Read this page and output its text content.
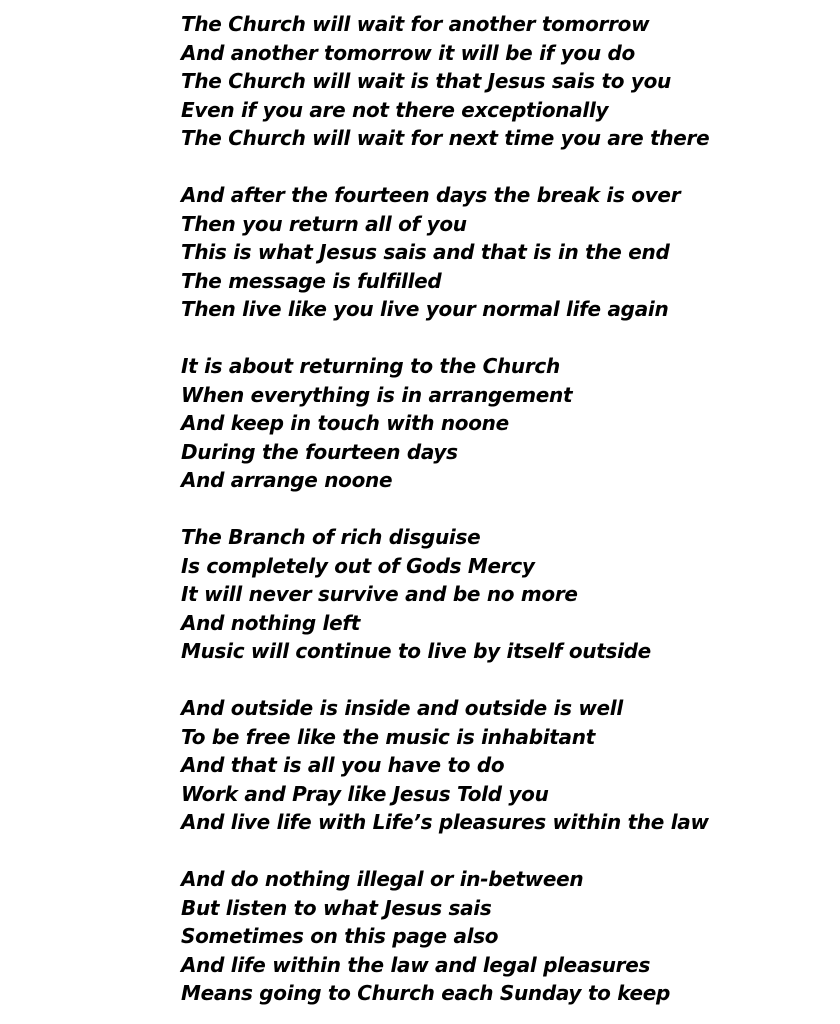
The Church will wait for another tomorrow
And another tomorrow it will be if you do
The Church will wait is that Jesus sais to you
Even if you are not there exceptionally
The Church will wait for next time you are there
And after the fourteen days the break is over
Then you return all of you
This is what Jesus sais and that is in the end
The message is fulfilled
Then live like you live your normal life again
It is about returning to the Church
When everything is in arrangement
And keep in touch with noone
During the fourteen days
And arrange noone
The Branch of rich disguise
Is completely out of Gods Mercy
It will never survive and be no more
And nothing left
Music will continue to live by itself outside
And outside is inside and outside is well
To be free like the music is inhabitant
And that is all you have to do
Work and Pray like Jesus Told you
And live life with Life’s pleasures within the law
And do nothing illegal or in-between
But listen to what Jesus sais
Sometimes on this page also
And life within the law and legal pleasures
Means going to Church each Sunday to keep
